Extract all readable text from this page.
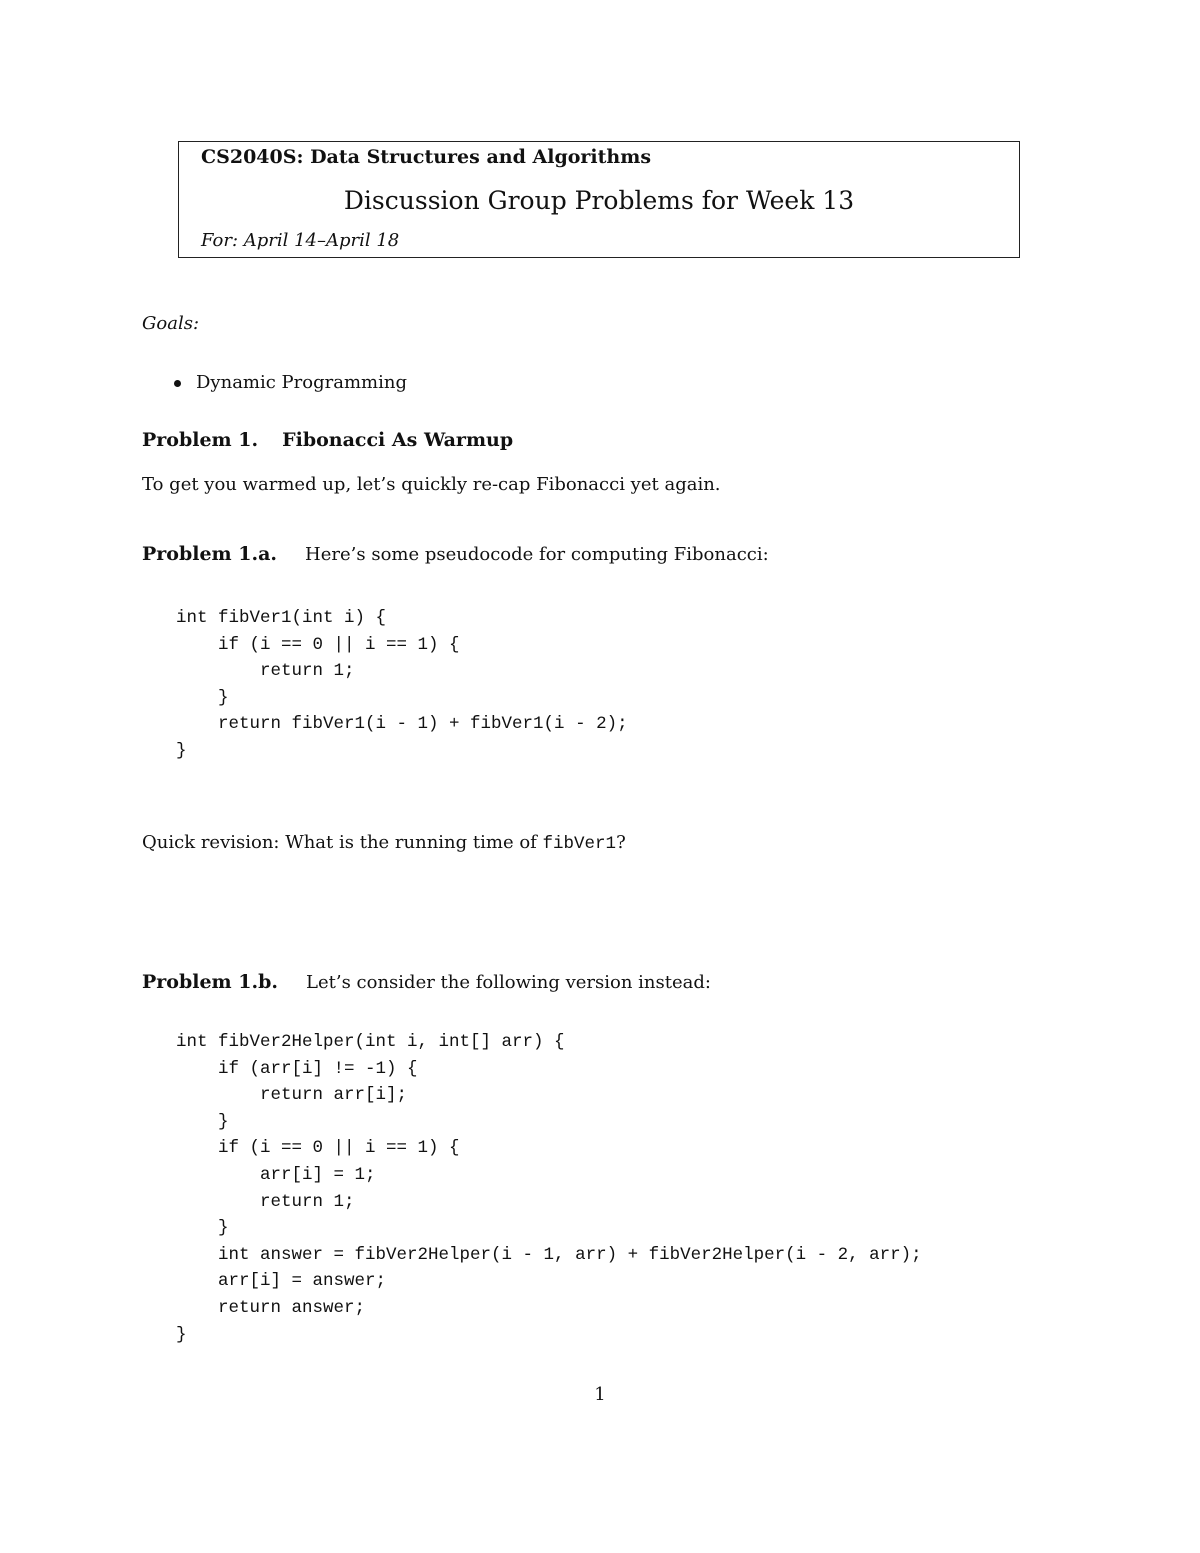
CS2040S: Data Structures and Algorithms
Discussion Group Problems for Week 13
For: April 14–April 18
Goals:
Dynamic Programming
Problem 1. Fibonacci As Warmup
To get you warmed up, let’s quickly re-cap Fibonacci yet again.
Problem 1.a. Here’s some pseudocode for computing Fibonacci:
int fibVer1(int i) {
if (i == 0 || i == 1) {
return 1;
}
return fibVer1(i - 1) + fibVer1(i - 2);
}
Quick revision: What is the running time of fibVer1?
Problem 1.b. Let’s consider the following version instead:
int fibVer2Helper(int i, int[] arr) {
if (arr[i] != -1) {
return arr[i];
}
if (i == 0 || i == 1) {
arr[i] = 1;
return 1;
}
int answer = fibVer2Helper(i - 1, arr) + fibVer2Helper(i - 2, arr);
arr[i] = answer;
return answer;
}
1
